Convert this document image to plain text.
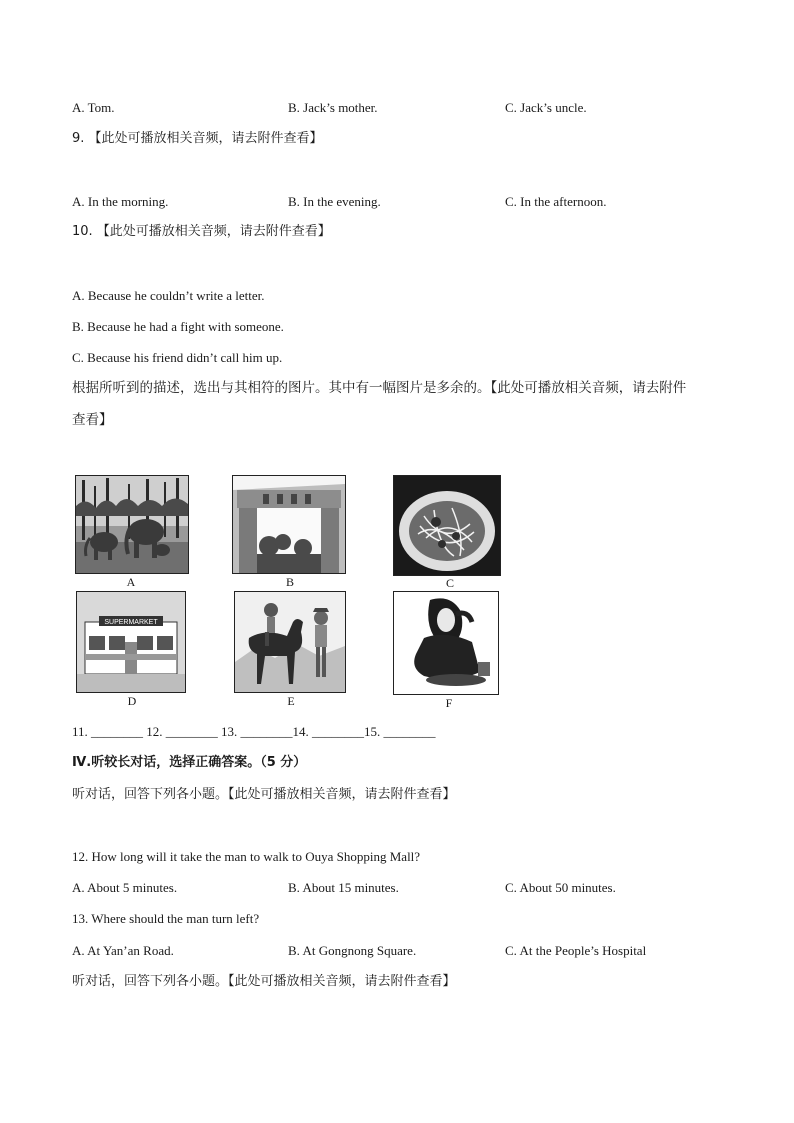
A. Tom.	B. Jack’s mother.	C. Jack’s uncle.
9. 【此处可播放相关音频，请去附件查看】
A. In the morning.	B. In the evening.	C. In the afternoon.
10. 【此处可播放相关音频，请去附件查看】
A. Because he couldn’t write a letter.
B. Because he had a fight with someone.
C. Because his friend didn’t call him up.
根据所听到的描述，选出与其相符的图片。其中有一幅图片是多余的。【此处可播放相关音频，请去附件
查看】
A	B	C
SUPERMARKET
D	E	F
11. ________ 12. ________ 13. ________14. ________15. ________
Ⅳ.听较长对话，选择正确答案。（5 分）
听对话，回答下列各小题。【此处可播放相关音频，请去附件查看】
12. How long will it take the man to walk to Ouya Shopping Mall?
A. About 5 minutes.	B. About 15 minutes.	C. About 50 minutes.
13. Where should the man turn left?
A. At Yan’an Road.	B. At Gongnong Square.	C. At the People’s Hospital
听对话，回答下列各小题。【此处可播放相关音频，请去附件查看】
